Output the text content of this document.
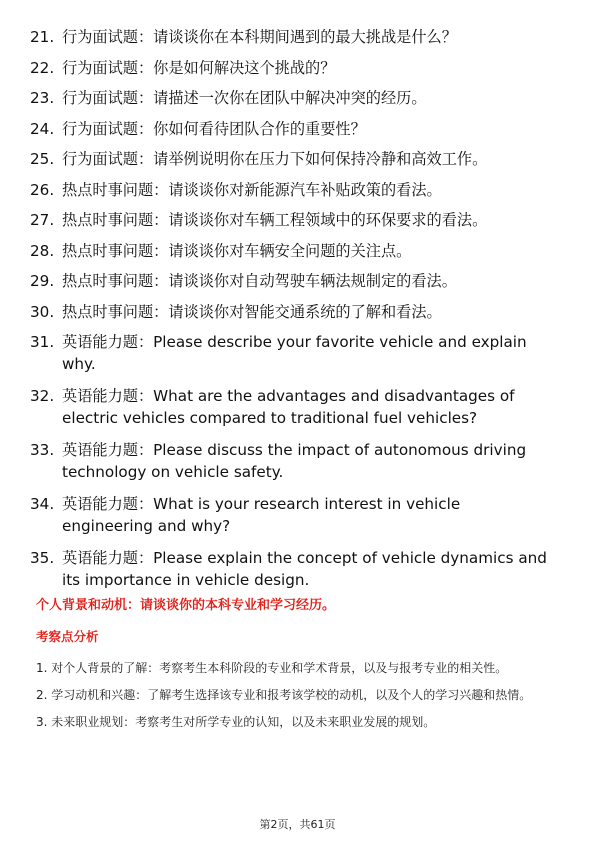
21. 行为面试题：请谈谈你在本科期间遇到的最大挑战是什么？
22. 行为面试题：你是如何解决这个挑战的？
23. 行为面试题：请描述一次你在团队中解决冲突的经历。
24. 行为面试题：你如何看待团队合作的重要性？
25. 行为面试题：请举例说明你在压力下如何保持冷静和高效工作。
26. 热点时事问题：请谈谈你对新能源汽车补贴政策的看法。
27. 热点时事问题：请谈谈你对车辆工程领域中的环保要求的看法。
28. 热点时事问题：请谈谈你对车辆安全问题的关注点。
29. 热点时事问题：请谈谈你对自动驾驶车辆法规制定的看法。
30. 热点时事问题：请谈谈你对智能交通系统的了解和看法。
31. 英语能力题：Please describe your favorite vehicle and explain why.
32. 英语能力题：What are the advantages and disadvantages of electric vehicles compared to traditional fuel vehicles?
33. 英语能力题：Please discuss the impact of autonomous driving technology on vehicle safety.
34. 英语能力题：What is your research interest in vehicle engineering and why?
35. 英语能力题：Please explain the concept of vehicle dynamics and its importance in vehicle design.

个人背景和动机：请谈谈你的本科专业和学习经历。

考察点分析

1. 对个人背景的了解：考察考生本科阶段的专业和学术背景，以及与报考专业的相关性。

2. 学习动机和兴趣：了解考生选择该专业和报考该学校的动机，以及个人的学习兴趣和热情。

3. 未来职业规划：考察考生对所学专业的认知，以及未来职业发展的规划。

第2页，共61页
